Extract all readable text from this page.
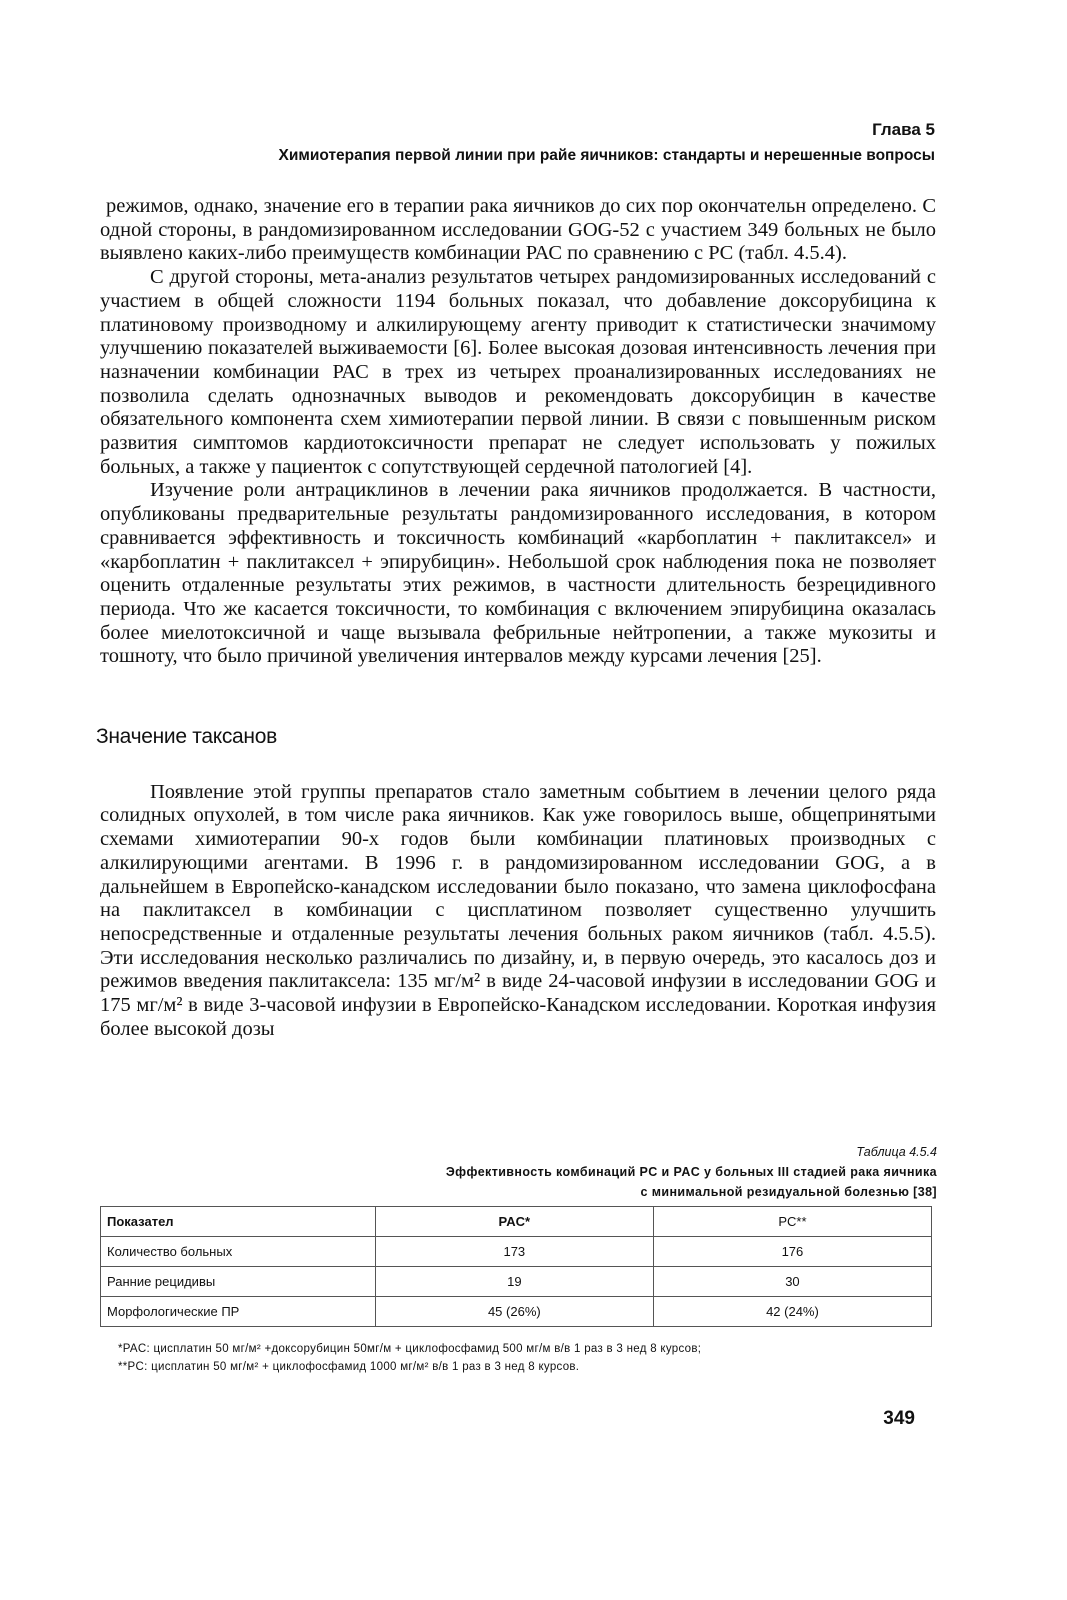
Глава 5
Химиотерапия первой линии при райе яичников: стандарты и нерешенные вопросы

режимов, однако, значение его в терапии рака яичников до сих пор окончательн определено. С одной стороны, в рандомизированном исследовании GOG-52 с участием 349 больных не было выявлено каких-либо преимуществ комбинации РАС по сравнению с PC (табл. 4.5.4).

С другой стороны, мета-анализ результатов четырех рандомизированных исследований с участием в общей сложности 1194 больных показал, что добавление доксорубицина к платиновому производному и алкилирующему агенту приводит к статистически значимому улучшению показателей выживаемости [6]. Более высокая дозовая интенсивность лечения при назначении комбинации РАС в трех из четырех проанализированных исследованиях не позволила сделать однозначных выводов и рекомендовать доксорубицин в качестве обязательного компонента схем химиотерапии первой линии. В связи с повышенным риском развития симптомов кардиотоксичности препарат не следует использовать у пожилых больных, а также у пациенток с сопутствующей сердечной патологией [4].

Изучение роли антрациклинов в лечении рака яичников продолжается. В частности, опубликованы предварительные результаты рандомизированного исследования, в котором сравнивается эффективность и токсичность комбинаций «карбоплатин + паклитаксел» и «карбоплатин + паклитаксел + эпирубицин». Небольшой срок наблюдения пока не позволяет оценить отдаленные результаты этих режимов, в частности длительность безрецидивного периода. Что же касается токсичности, то комбинация с включением эпирубицина оказалась более миелотоксичной и чаще вызывала фебрильные нейтропении, а также мукозиты и тошноту, что было причиной увеличения интервалов между курсами лечения [25].

Значение таксанов

Появление этой группы препаратов стало заметным событием в лечении целого ряда солидных опухолей, в том числе рака яичников. Как уже говорилось выше, общепринятыми схемами химиотерапии 90-х годов были комбинации платиновых производных с алкилирующими агентами. В 1996 г. в рандомизированном исследовании GOG, а в дальнейшем в Европейско-канадском исследовании было показано, что замена циклофосфана на паклитаксел в комбинации с цисплатином позволяет существенно улучшить непосредственные и отдаленные результаты лечения больных раком яичников (табл. 4.5.5). Эти исследования несколько различались по дизайну, и, в первую очередь, это касалось доз и режимов введения паклитаксела: 135 мг/м² в виде 24-часовой инфузии в исследовании GOG и 175 мг/м² в виде 3-часовой инфузии в Европейско-Канадском исследовании. Короткая инфузия более высокой дозы

Таблица 4.5.4
Эффективность комбинаций PC и PAC у больных III стадией рака яичника
с минимальной резидуальной болезнью [38]
Показател	PAC*	PC**
Количество больных	173	176
Ранние рецидивы	19	30
Морфологические ПР	45 (26%)	42 (24%)
*PAC: цисплатин 50 мг/м² +доксорубицин 50мг/м + циклофосфамид 500 мг/м в/в 1 раз в 3 нед 8 курсов;
**PC: цисплатин 50 мг/м² + циклофосфамид 1000 мг/м² в/в 1 раз в 3 нед 8 курсов.
349
